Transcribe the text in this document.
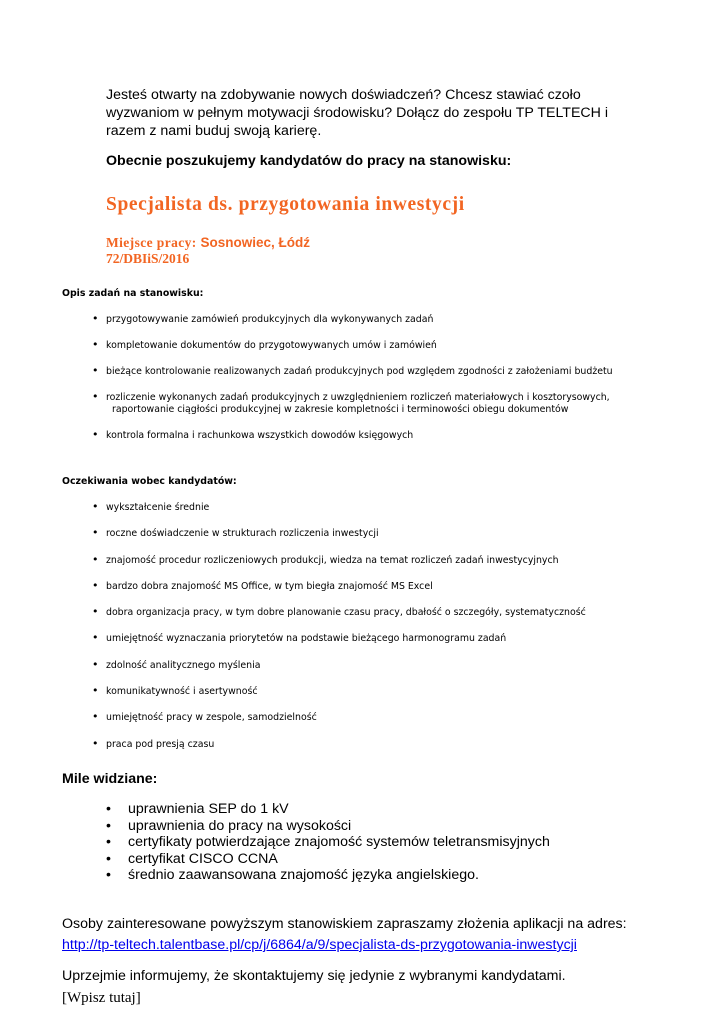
Jesteś otwarty na zdobywanie nowych doświadczeń? Chcesz stawiać czoło wyzwaniom w pełnym motywacji środowisku? Dołącz do zespołu TP TELTECH i razem z nami buduj swoją karierę.

Obecnie poszukujemy kandydatów do pracy na stanowisku:

Specjalista ds. przygotowania inwestycji

Miejsce pracy: Sosnowiec, Łódź

72/DBIiS/2016

Opis zadań na stanowisku:

• przygotowywanie zamówień produkcyjnych dla wykonywanych zadań
• kompletowanie dokumentów do przygotowywanych umów i zamówień
• bieżące kontrolowanie realizowanych zadań produkcyjnych pod względem zgodności z założeniami budżetu
• rozliczenie wykonanych zadań produkcyjnych z uwzględnieniem rozliczeń materiałowych i kosztorysowych,
raportowanie ciągłości produkcyjnej w zakresie kompletności i terminowości obiegu dokumentów
• kontrola formalna i rachunkowa wszystkich dowodów księgowych

Oczekiwania wobec kandydatów:

• wykształcenie średnie
• roczne doświadczenie w strukturach rozliczenia inwestycji
• znajomość procedur rozliczeniowych produkcji, wiedza na temat rozliczeń zadań inwestycyjnych
• bardzo dobra znajomość MS Office, w tym biegła znajomość MS Excel
• dobra organizacja pracy, w tym dobre planowanie czasu pracy, dbałość o szczegóły, systematyczność
• umiejętność wyznaczania priorytetów na podstawie bieżącego harmonogramu zadań
• zdolność analitycznego myślenia
• komunikatywność i asertywność
• umiejętność pracy w zespole, samodzielność
• praca pod presją czasu

Mile widziane:

• uprawnienia SEP do 1 kV
• uprawnienia do pracy na wysokości
• certyfikaty potwierdzające znajomość systemów teletransmisyjnych
• certyfikat CISCO CCNA
• średnio zaawansowana znajomość języka angielskiego.

Osoby zainteresowane powyższym stanowiskiem zapraszamy złożenia aplikacji na adres:

http://tp-teltech.talentbase.pl/cp/j/6864/a/9/specjalista-ds-przygotowania-inwestycji

Uprzejmie informujemy, że skontaktujemy się jedynie z wybranymi kandydatami.

[Wpisz tutaj]
